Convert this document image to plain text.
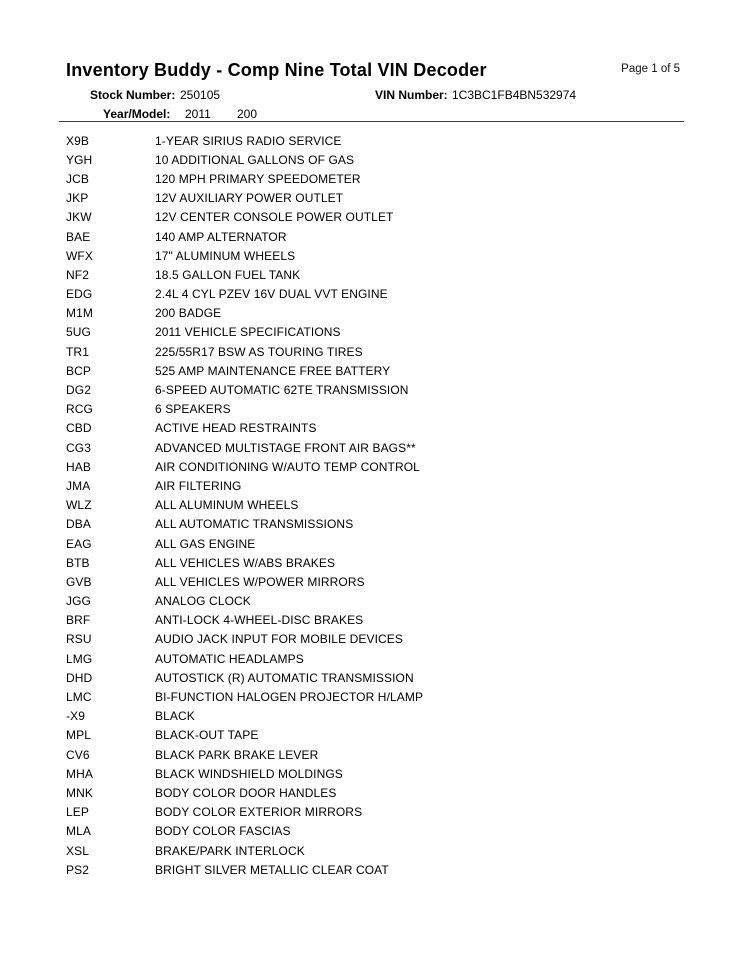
Inventory Buddy - Comp Nine Total VIN Decoder	Page 1 of 5
Stock Number: 250105	VIN Number: 1C3BC1FB4BN532974
Year/Model: 2011 200
X9B	1-YEAR SIRIUS RADIO SERVICE
YGH	10 ADDITIONAL GALLONS OF GAS
JCB	120 MPH PRIMARY SPEEDOMETER
JKP	12V AUXILIARY POWER OUTLET
JKW	12V CENTER CONSOLE POWER OUTLET
BAE	140 AMP ALTERNATOR
WFX	17" ALUMINUM WHEELS
NF2	18.5 GALLON FUEL TANK
EDG	2.4L 4 CYL PZEV 16V DUAL VVT ENGINE
M1M	200 BADGE
5UG	2011 VEHICLE SPECIFICATIONS
TR1	225/55R17 BSW AS TOURING TIRES
BCP	525 AMP MAINTENANCE FREE BATTERY
DG2	6-SPEED AUTOMATIC 62TE TRANSMISSION
RCG	6 SPEAKERS
CBD	ACTIVE HEAD RESTRAINTS
CG3	ADVANCED MULTISTAGE FRONT AIR BAGS**
HAB	AIR CONDITIONING W/AUTO TEMP CONTROL
JMA	AIR FILTERING
WLZ	ALL ALUMINUM WHEELS
DBA	ALL AUTOMATIC TRANSMISSIONS
EAG	ALL GAS ENGINE
BTB	ALL VEHICLES W/ABS BRAKES
GVB	ALL VEHICLES W/POWER MIRRORS
JGG	ANALOG CLOCK
BRF	ANTI-LOCK 4-WHEEL-DISC BRAKES
RSU	AUDIO JACK INPUT FOR MOBILE DEVICES
LMG	AUTOMATIC HEADLAMPS
DHD	AUTOSTICK (R) AUTOMATIC TRANSMISSION
LMC	BI-FUNCTION HALOGEN PROJECTOR H/LAMP
-X9	BLACK
MPL	BLACK-OUT TAPE
CV6	BLACK PARK BRAKE LEVER
MHA	BLACK WINDSHIELD MOLDINGS
MNK	BODY COLOR DOOR HANDLES
LEP	BODY COLOR EXTERIOR MIRRORS
MLA	BODY COLOR FASCIAS
XSL	BRAKE/PARK INTERLOCK
PS2	BRIGHT SILVER METALLIC CLEAR COAT
